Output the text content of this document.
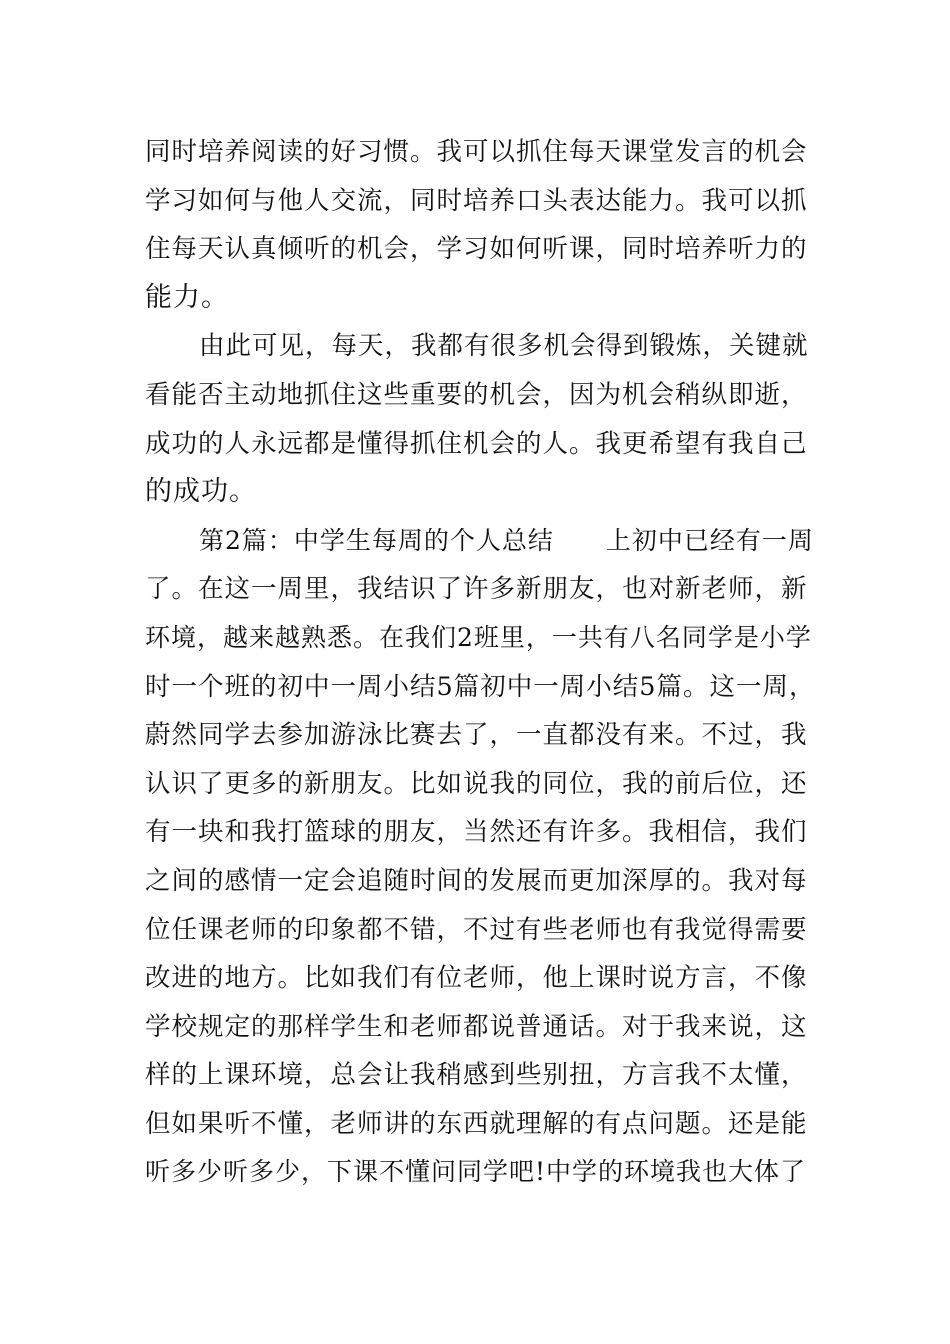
同时培养阅读的好习惯。我可以抓住每天课堂发言的机会
学习如何与他人交流，同时培养口头表达能力。我可以抓
住每天认真倾听的机会，学习如何听课，同时培养听力的
能力。
由此可见，每天，我都有很多机会得到锻炼，关键就
看能否主动地抓住这些重要的机会，因为机会稍纵即逝，
成功的人永远都是懂得抓住机会的人。我更希望有我自己
的成功。
第2篇：中学生每周的个人总结　　上初中已经有一周
了。在这一周里，我结识了许多新朋友，也对新老师，新
环境，越来越熟悉。在我们2班里，一共有八名同学是小学
时一个班的初中一周小结5篇初中一周小结5篇。这一周，
蔚然同学去参加游泳比赛去了，一直都没有来。不过，我
认识了更多的新朋友。比如说我的同位，我的前后位，还
有一块和我打篮球的朋友，当然还有许多。我相信，我们
之间的感情一定会追随时间的发展而更加深厚的。我对每
位任课老师的印象都不错，不过有些老师也有我觉得需要
改进的地方。比如我们有位老师，他上课时说方言，不像
学校规定的那样学生和老师都说普通话。对于我来说，这
样的上课环境，总会让我稍感到些别扭，方言我不太懂，
但如果听不懂，老师讲的东西就理解的有点问题。还是能
听多少听多少，下课不懂问同学吧!中学的环境我也大体了
